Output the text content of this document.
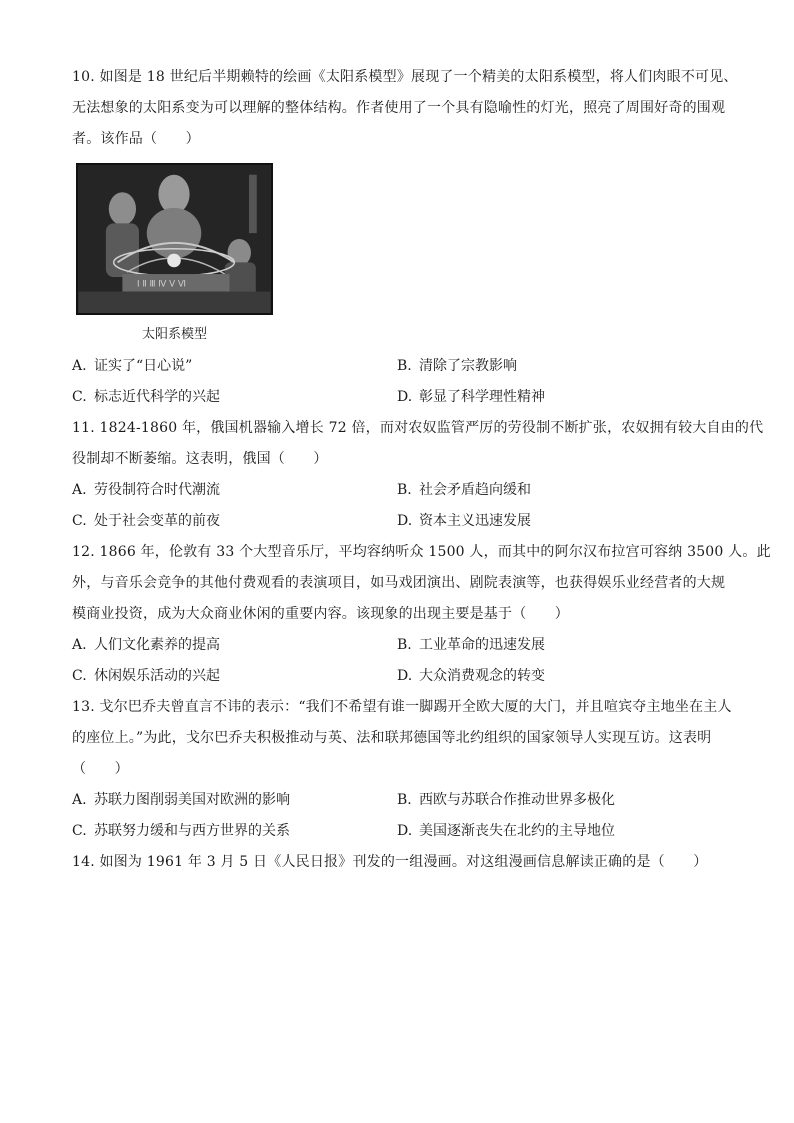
10. 如图是 18 世纪后半期赖特的绘画《太阳系模型》展现了一个精美的太阳系模型，将人们肉眼不可见、
无法想象的太阳系变为可以理解的整体结构。作者使用了一个具有隐喻性的灯光，照亮了周围好奇的围观
者。该作品（　　）

Ⅰ Ⅱ Ⅲ Ⅳ Ⅴ Ⅵ
太阳系模型
A. 证实了“日心说”	B. 清除了宗教影响
C. 标志近代科学的兴起	D. 彰显了科学理性精神

11. 1824-1860 年，俄国机器输入增长 72 倍，而对农奴监管严厉的劳役制不断扩张，农奴拥有较大自由的代
役制却不断萎缩。这表明，俄国（　　）

A. 劳役制符合时代潮流	B. 社会矛盾趋向缓和
C. 处于社会变革的前夜	D. 资本主义迅速发展

12. 1866 年，伦敦有 33 个大型音乐厅，平均容纳听众 1500 人，而其中的阿尔汉布拉宫可容纳 3500 人。此
外，与音乐会竞争的其他付费观看的表演项目，如马戏团演出、剧院表演等，也获得娱乐业经营者的大规
模商业投资，成为大众商业休闲的重要内容。该现象的出现主要是基于（　　）

A. 人们文化素养的提高	B. 工业革命的迅速发展
C. 休闲娱乐活动的兴起	D. 大众消费观念的转变

13. 戈尔巴乔夫曾直言不讳的表示：“我们不希望有谁一脚踢开全欧大厦的大门，并且喧宾夺主地坐在主人
的座位上。”为此，戈尔巴乔夫积极推动与英、法和联邦德国等北约组织的国家领导人实现互访。这表明
（　　）

A. 苏联力图削弱美国对欧洲的影响	B. 西欧与苏联合作推动世界多极化
C. 苏联努力缓和与西方世界的关系	D. 美国逐渐丧失在北约的主导地位

14. 如图为 1961 年 3 月 5 日《人民日报》刊发的一组漫画。对这组漫画信息解读正确的是（　　）
